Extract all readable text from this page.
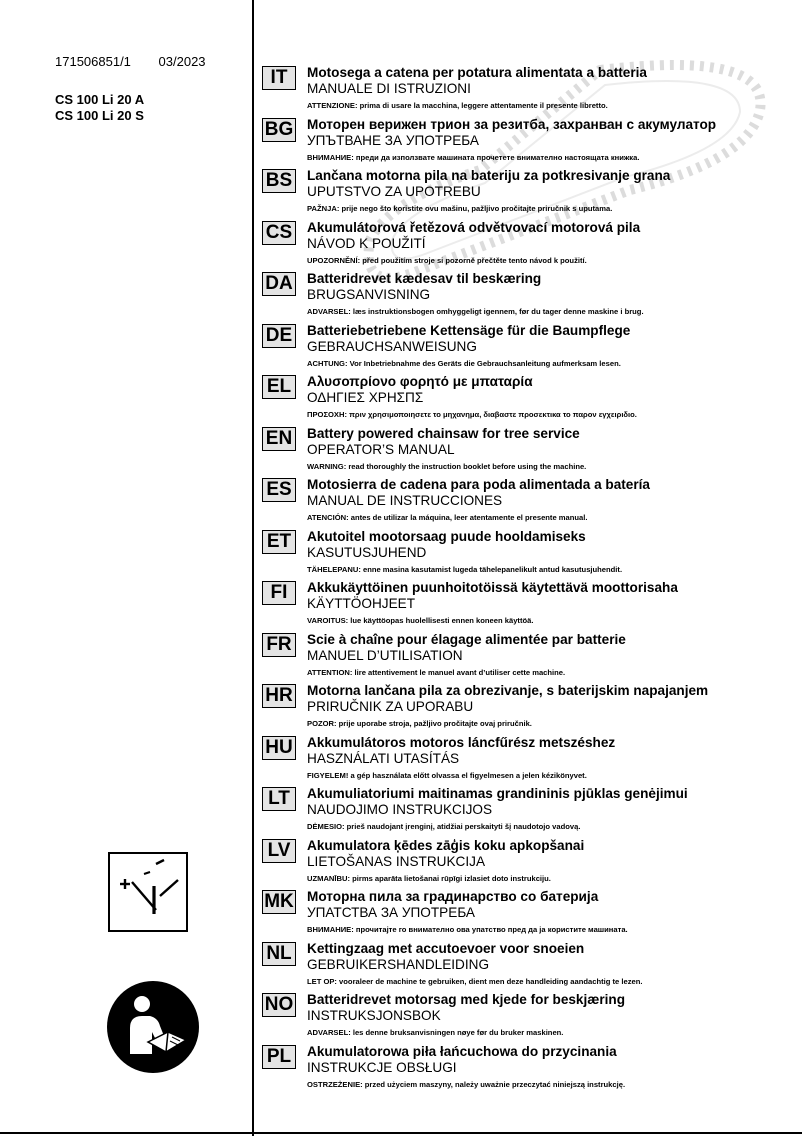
171506851/1 03/2023
CS 100 Li 20 A
CS 100 Li 20 S
IT	Motosega a catena per potatura alimentata a batteria
MANUALE DI ISTRUZIONI
ATTENZIONE: prima di usare la macchina, leggere attentamente il presente libretto.
BG Моторен верижен трион за резитба, захранван с акумулатор
УПЪТВАНЕ ЗА УПОТРЕБА
ВНИМАНИЕ: преди да използвате машината прочетете внимателно настоящата книжка.
BS Lančana motorna pila na bateriju za potkresivanje grana
UPUTSTVO ZA UPOTREBU
PAŽNJA: prije nego što koristite ovu mašinu, pažljivo pročitajte priručnik s uputama.
CS Akumulátorová řetězová odvětvovací motorová pila
NÁVOD K POUŽITÍ
UPOZORNĚNÍ: před použitím stroje si pozorně přečtěte tento návod k použití.
DA Batteridrevet kædesav til beskæring
BRUGSANVISNING
ADVARSEL: læs instruktionsbogen omhyggeligt igennem, før du tager denne maskine i brug.
DE Batteriebetriebene Kettensäge für die Baumpflege
GEBRAUCHSANWEISUNG
ACHTUNG: Vor Inbetriebnahme des Geräts die Gebrauchsanleitung aufmerksam lesen.
EL	Αλυσοπρίονο φορητό με μπαταρία
ΟΔΗΓΙΕΣ ΧΡΗΣΠΣ
ΠΡΟΣΟΧΗ: πριν χρησιμοποιησετε το μηχανημα, διαβαστε προσεκτικα το παρον εγχειριδιο.
EN Battery powered chainsaw for tree service
OPERATOR’S MANUAL
WARNING: read thoroughly the instruction booklet before using the machine.
ES	Motosierra de cadena para poda alimentada a batería
MANUAL DE INSTRUCCIONES
ATENCIÓN: antes de utilizar la máquina, leer atentamente el presente manual.
ET	Akutoitel mootorsaag puude hooldamiseks
KASUTUSJUHEND
TÄHELEPANU: enne masina kasutamist lugeda tähelepanelikult antud kasutusjuhendit.
FI	Akkukäyttöinen puunhoitotöissä käytettävä moottorisaha
KÄYTTÖOHJEET
VAROITUS: lue käyttöopas huolellisesti ennen koneen käyttöä.
FR	Scie à chaîne pour élagage alimentée par batterie
MANUEL D’UTILISATION
ATTENTION: lire attentivement le manuel avant d’utiliser cette machine.
HR Motorna lančana pila za obrezivanje, s baterijskim napajanjem
PRIRUČNIK ZA UPORABU
POZOR: prije uporabe stroja, pažljivo pročitajte ovaj priručnik.
HU Akkumulátoros motoros láncfűrész metszéshez
HASZNÁLATI UTASÍTÁS
FIGYELEM! a gép használata előtt olvassa el figyelmesen a jelen kézikönyvet.
LT	Akumuliatoriumi maitinamas grandininis pjūklas genėjimui
NAUDOJIMO INSTRUKCIJOS
DĖMESIO: prieš naudojant įrenginį, atidžiai perskaityti šį naudotojo vadovą.
LV	Akumulatora ķēdes zāģis koku apkopšanai
LIETOŠANAS INSTRUKCIJA
UZMANĪBU: pirms aparāta lietošanai rūpīgi izlasiet doto instrukciju.
MK Моторна пила за градинарство со батерија
УПАТСТВА ЗА УПОТРЕБА
ВНИМАНИЕ: прочитајте го внимателно ова упатство пред да ја користите машината.
NL	Kettingzaag met accutoevoer voor snoeien
GEBRUIKERSHANDLEIDING
LET OP: vooraleer de machine te gebruiken, dient men deze handleiding aandachtig te lezen.
NO Batteridrevet motorsag med kjede for beskjæring
INSTRUKSJONSBOK
ADVARSEL: les denne bruksanvisningen nøye før du bruker maskinen.
PL	Akumulatorowa piła łańcuchowa do przycinania
INSTRUKCJE OBSŁUGI
OSTRZEŻENIE: przed użyciem maszyny, należy uważnie przeczytać niniejszą instrukcję.
